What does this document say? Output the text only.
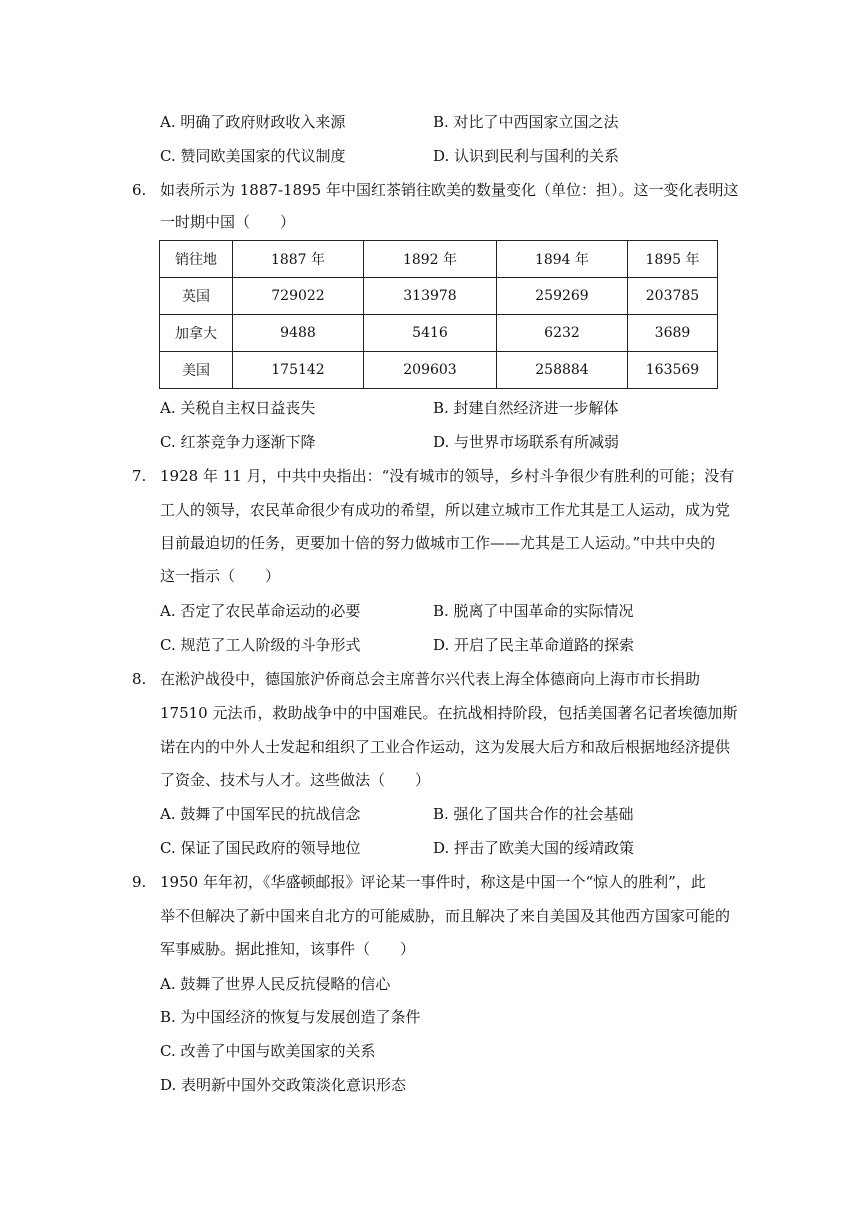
A. 明确了政府财政收入来源	B. 对比了中西国家立国之法
C. 赞同欧美国家的代议制度	D. 认识到民利与国利的关系
6. 如表所示为 1887-1895 年中国红茶销往欧美的数量变化（单位：担）。这一变化表明这
一时期中国（　　）
销往地	1887 年	1892 年	1894 年	1895 年
英国	729022	313978	259269	203785
加拿大	9488	5416	6232	3689
美国	175142	209603	258884	163569
A. 关税自主权日益丧失	B. 封建自然经济进一步解体
C. 红茶竞争力逐渐下降	D. 与世界市场联系有所减弱
7. 1928 年 11 月，中共中央指出：“没有城市的领导，乡村斗争很少有胜利的可能；没有
工人的领导，农民革命很少有成功的希望，所以建立城市工作尤其是工人运动，成为党
目前最迫切的任务，更要加十倍的努力做城市工作——尤其是工人运动。”中共中央的
这一指示（　　）
A. 否定了农民革命运动的必要	B. 脱离了中国革命的实际情况
C. 规范了工人阶级的斗争形式	D. 开启了民主革命道路的探索
8. 在淞沪战役中，德国旅沪侨商总会主席普尔兴代表上海全体德商向上海市市长捐助
17510 元法币，救助战争中的中国难民。在抗战相持阶段，包括美国著名记者埃德加斯
诺在内的中外人士发起和组织了工业合作运动，这为发展大后方和敌后根据地经济提供
了资金、技术与人才。这些做法（　　）
A. 鼓舞了中国军民的抗战信念	B. 强化了国共合作的社会基础
C. 保证了国民政府的领导地位	D. 抨击了欧美大国的绥靖政策
9. 1950 年年初，《华盛顿邮报》评论某一事件时，称这是中国一个“惊人的胜利”，此
举不但解决了新中国来自北方的可能威胁，而且解决了来自美国及其他西方国家可能的
军事威胁。据此推知，该事件（　　）
A. 鼓舞了世界人民反抗侵略的信心
B. 为中国经济的恢复与发展创造了条件
C. 改善了中国与欧美国家的关系
D. 表明新中国外交政策淡化意识形态
